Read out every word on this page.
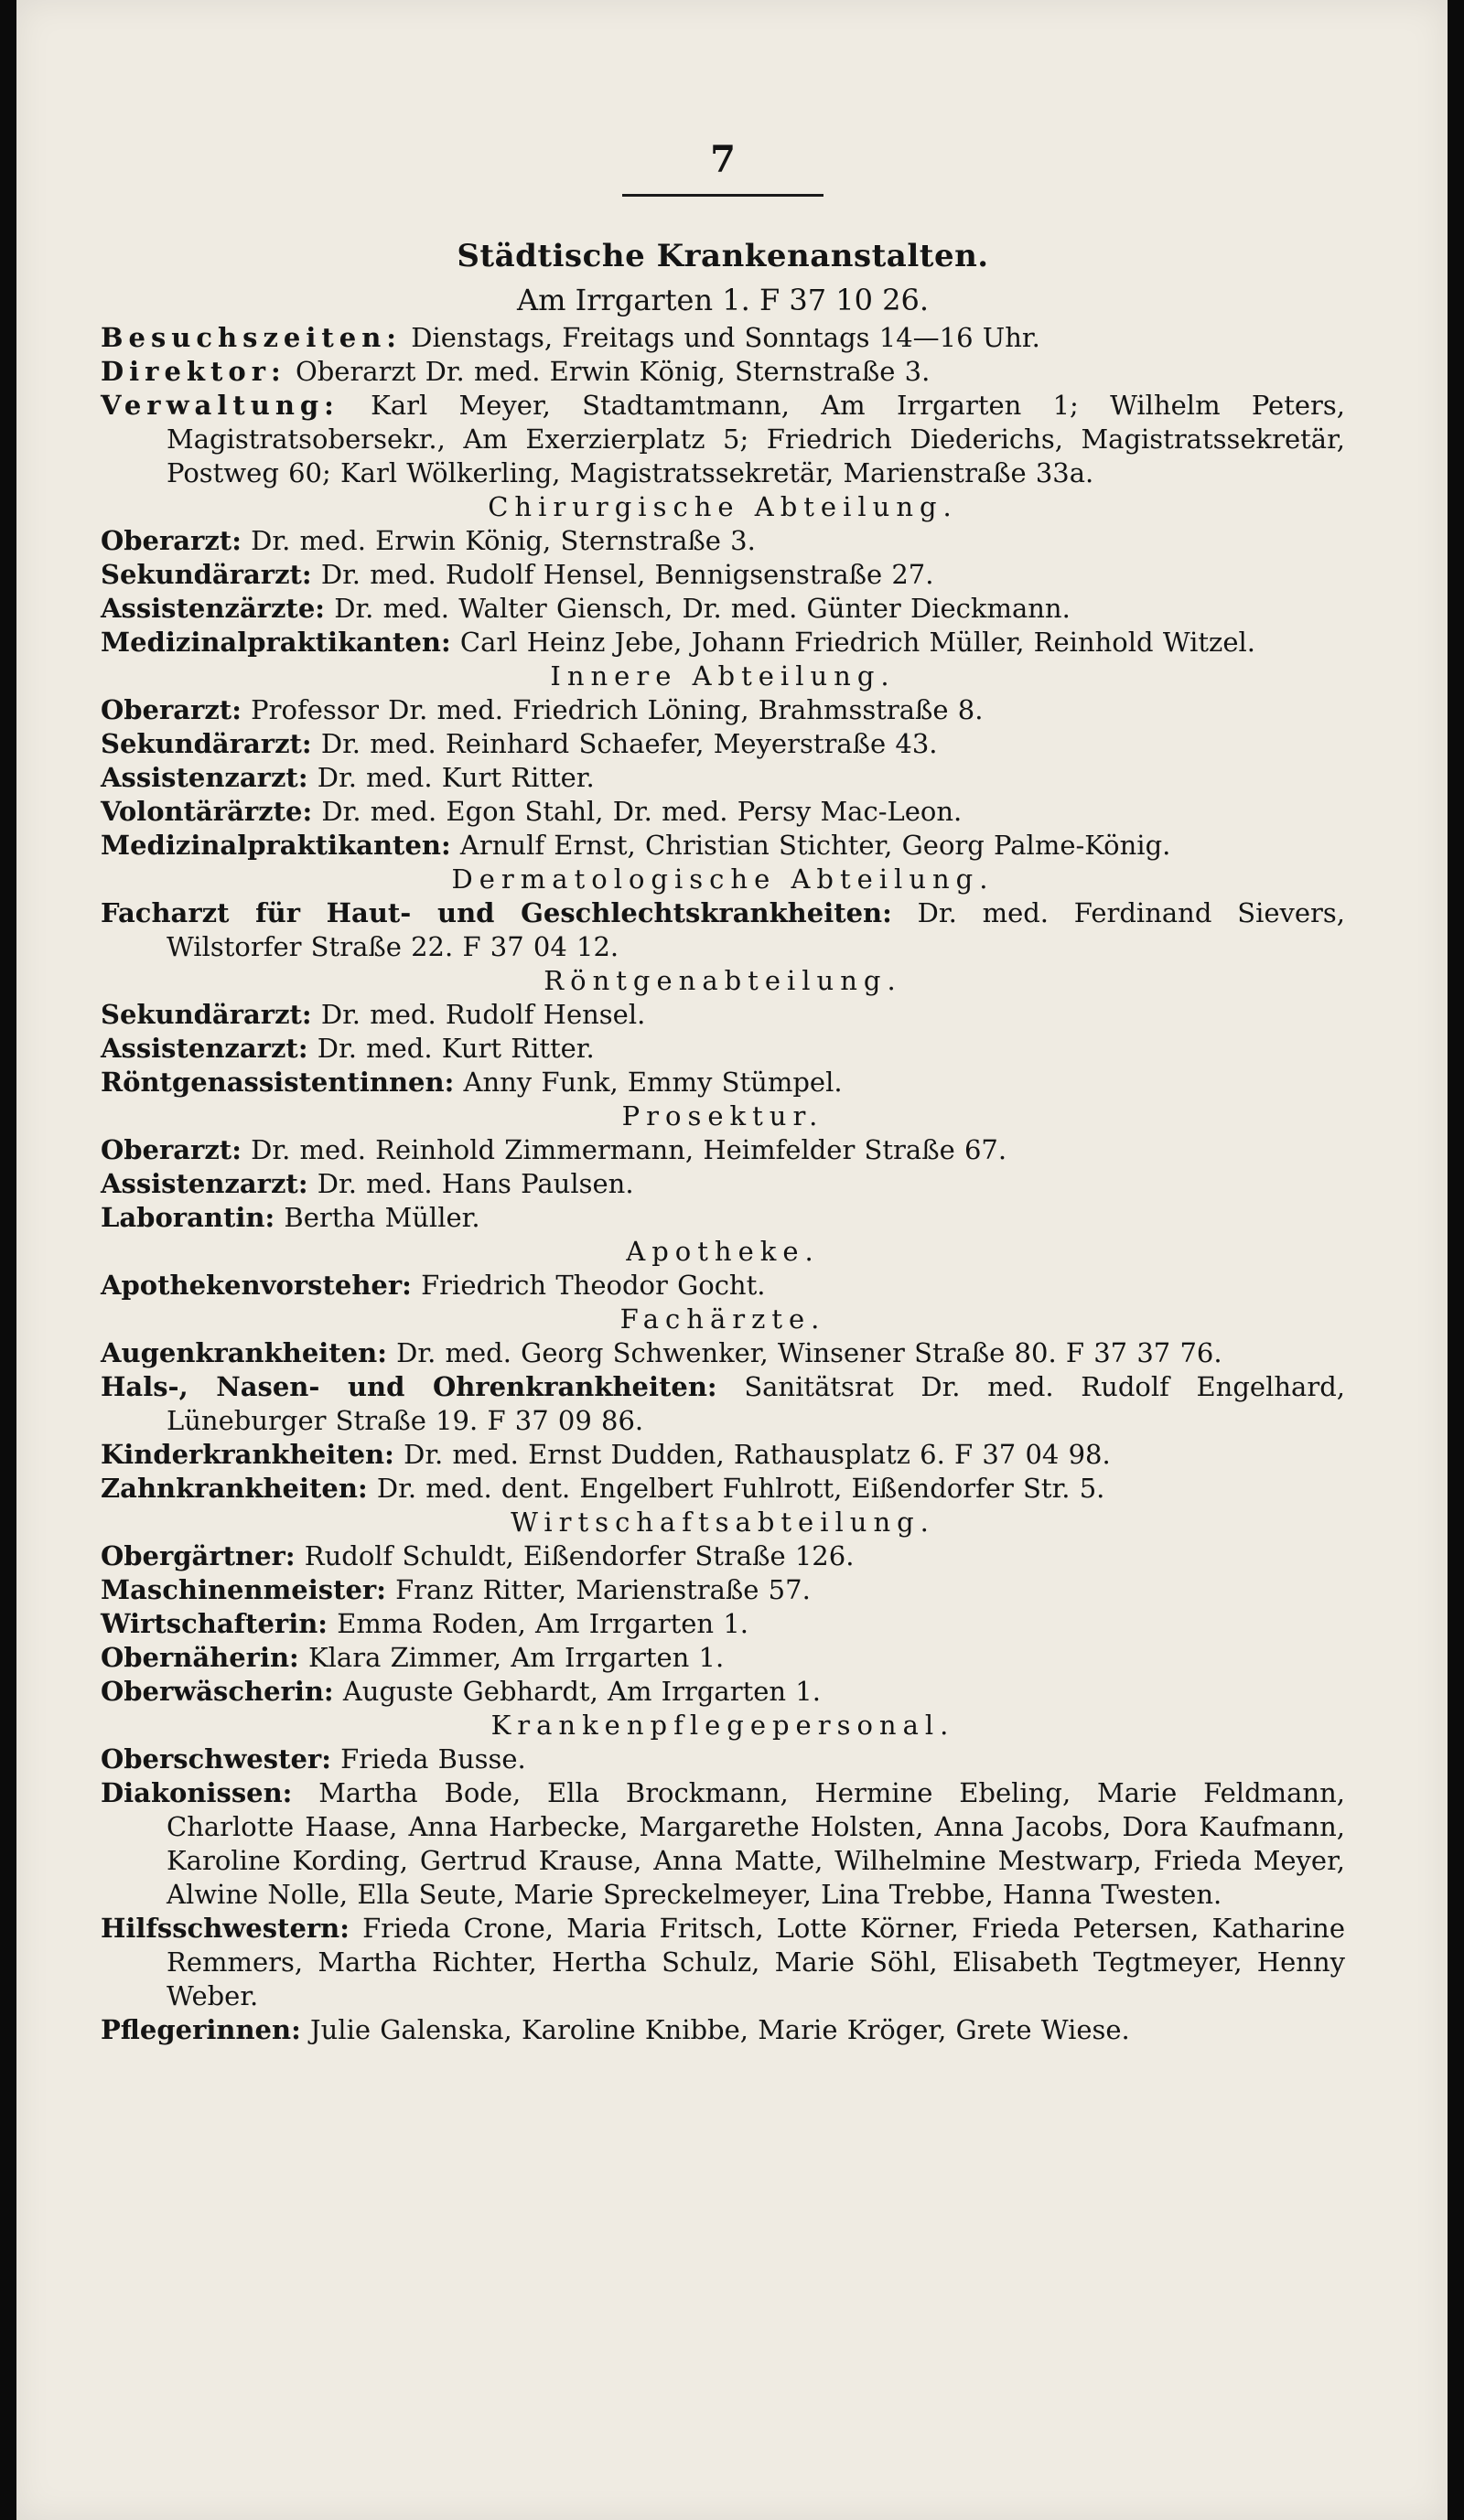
7
Städtische Krankenanstalten.
Am Irrgarten 1. F 37 10 26.

Besuchszeiten: Dienstags, Freitags und Sonntags 14—16 Uhr.

Direktor: Oberarzt Dr. med. Erwin König, Sternstraße 3.

Verwaltung: Karl Meyer, Stadtamtmann, Am Irrgarten 1; Wilhelm Peters, Magistratsobersekr., Am Exerzierplatz 5; Friedrich Diederichs, Magistratssekretär, Postweg 60; Karl Wölkerling, Magistratssekretär, Marienstraße 33a.

Chirurgische Abteilung.

Oberarzt: Dr. med. Erwin König, Sternstraße 3.

Sekundärarzt: Dr. med. Rudolf Hensel, Bennigsenstraße 27.

Assistenzärzte: Dr. med. Walter Giensch, Dr. med. Günter Dieckmann.

Medizinalpraktikanten: Carl Heinz Jebe, Johann Friedrich Müller, Reinhold Witzel.

Innere Abteilung.

Oberarzt: Professor Dr. med. Friedrich Löning, Brahmsstraße 8.

Sekundärarzt: Dr. med. Reinhard Schaefer, Meyerstraße 43.

Assistenzarzt: Dr. med. Kurt Ritter.

Volontärärzte: Dr. med. Egon Stahl, Dr. med. Persy Mac-Leon.

Medizinalpraktikanten: Arnulf Ernst, Christian Stichter, Georg Palme-König.

Dermatologische Abteilung.

Facharzt für Haut- und Geschlechtskrankheiten: Dr. med. Ferdinand Sievers, Wilstorfer Straße 22. F 37 04 12.

Röntgenabteilung.

Sekundärarzt: Dr. med. Rudolf Hensel.

Assistenzarzt: Dr. med. Kurt Ritter.

Röntgenassistentinnen: Anny Funk, Emmy Stümpel.

Prosektur.

Oberarzt: Dr. med. Reinhold Zimmermann, Heimfelder Straße 67.

Assistenzarzt: Dr. med. Hans Paulsen.

Laborantin: Bertha Müller.

Apotheke.

Apothekenvorsteher: Friedrich Theodor Gocht.

Fachärzte.

Augenkrankheiten: Dr. med. Georg Schwenker, Winsener Straße 80. F 37 37 76.

Hals-, Nasen- und Ohrenkrankheiten: Sanitätsrat Dr. med. Rudolf Engelhard, Lüneburger Straße 19. F 37 09 86.

Kinderkrankheiten: Dr. med. Ernst Dudden, Rathausplatz 6. F 37 04 98.

Zahnkrankheiten: Dr. med. dent. Engelbert Fuhlrott, Eißendorfer Str. 5.

Wirtschaftsabteilung.

Obergärtner: Rudolf Schuldt, Eißendorfer Straße 126.

Maschinenmeister: Franz Ritter, Marienstraße 57.

Wirtschafterin: Emma Roden, Am Irrgarten 1.

Obernäherin: Klara Zimmer, Am Irrgarten 1.

Oberwäscherin: Auguste Gebhardt, Am Irrgarten 1.

Krankenpflegepersonal.

Oberschwester: Frieda Busse.

Diakonissen: Martha Bode, Ella Brockmann, Hermine Ebeling, Marie Feldmann, Charlotte Haase, Anna Harbecke, Margarethe Holsten, Anna Jacobs, Dora Kaufmann, Karoline Kording, Gertrud Krause, Anna Matte, Wilhelmine Mestwarp, Frieda Meyer, Alwine Nolle, Ella Seute, Marie Spreckelmeyer, Lina Trebbe, Hanna Twesten.

Hilfsschwestern: Frieda Crone, Maria Fritsch, Lotte Körner, Frieda Petersen, Katharine Remmers, Martha Richter, Hertha Schulz, Marie Söhl, Elisabeth Tegtmeyer, Henny Weber.

Pflegerinnen: Julie Galenska, Karoline Knibbe, Marie Kröger, Grete Wiese.
